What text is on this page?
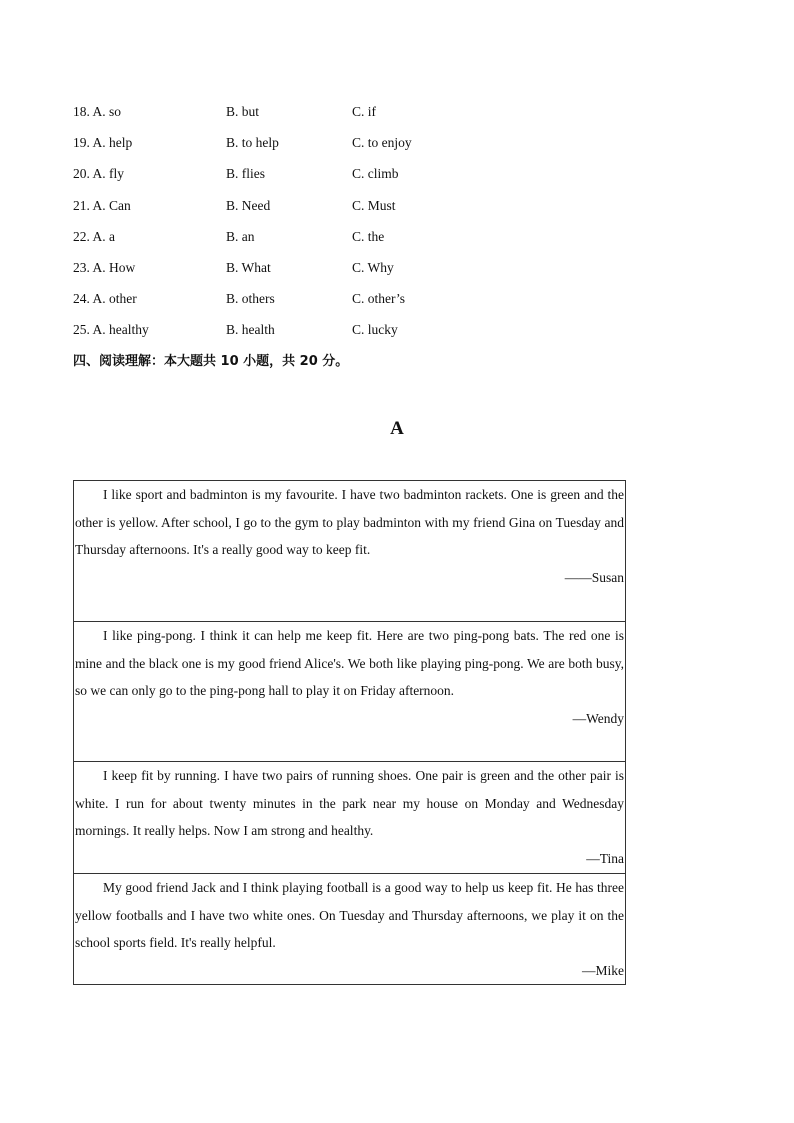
18. A. so	B. but	C. if
19. A. help	B. to help	C. to enjoy
20. A. fly	B. flies	C. climb
21. A. Can	B. Need	C. Must
22. A. a	B. an	C. the
23. A. How	B. What	C. Why
24. A. other	B. others	C. other’s
25. A. healthy	B. health	C. lucky
四、阅读理解：本大题共 10 小题，共 20 分。
A

I like sport and badminton is my favourite. I have two badminton rackets. One is green and the other is yellow. After school, I go to the gym to play badminton with my friend Gina on Tuesday and Thursday afternoons. It's a really good way to keep fit.

——Susan

I like ping-pong. I think it can help me keep fit. Here are two ping-pong bats. The red one is mine and the black one is my good friend Alice's. We both like playing ping-pong. We are both busy, so we can only go to the ping-pong hall to play it on Friday afternoon.

—Wendy

I keep fit by running. I have two pairs of running shoes. One pair is green and the other pair is white. I run for about twenty minutes in the park near my house on Monday and Wednesday mornings. It really helps. Now I am strong and healthy.

—Tina

My good friend Jack and I think playing football is a good way to help us keep fit. He has three yellow footballs and I have two white ones. On Tuesday and Thursday afternoons, we play it on the school sports field. It's really helpful.

—Mike
